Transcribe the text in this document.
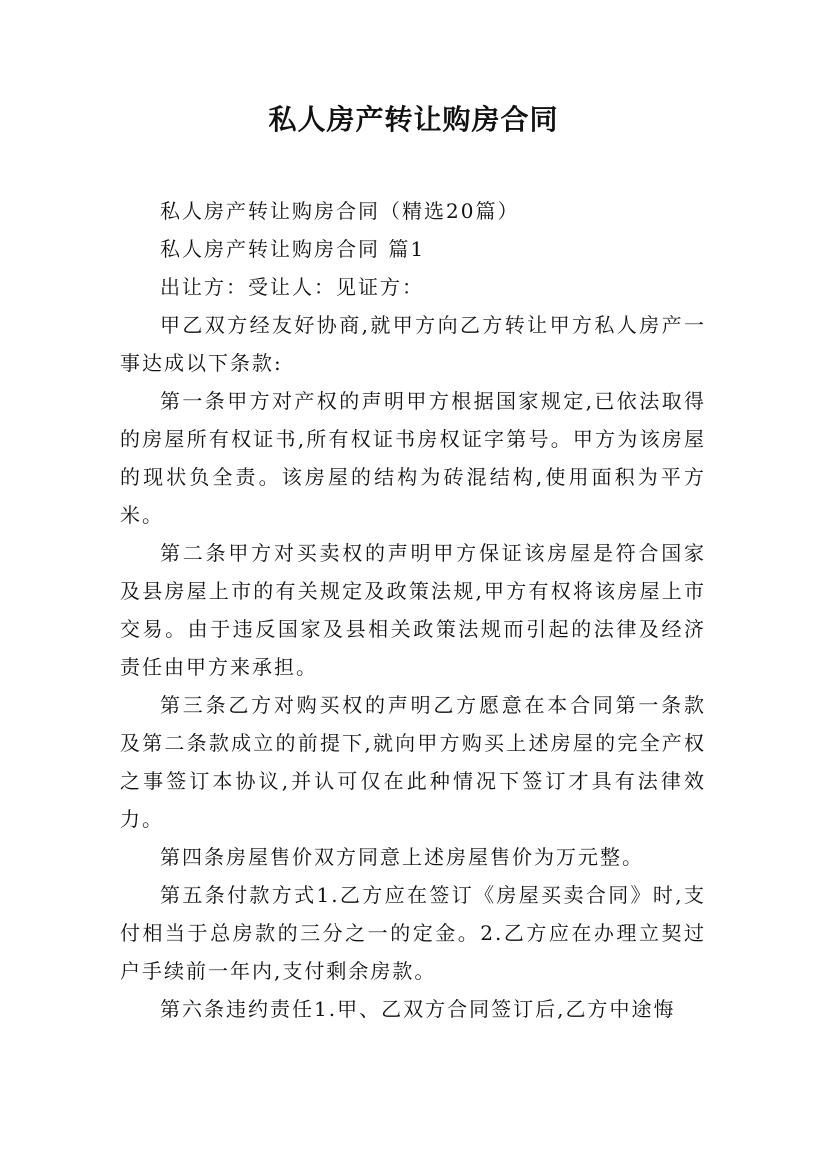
私人房产转让购房合同

私人房产转让购房合同（精选20篇）

私人房产转让购房合同 篇1

出让方：受让人：见证方：

甲乙双方经友好协商,就甲方向乙方转让甲方私人房产一事达成以下条款:

第一条甲方对产权的声明甲方根据国家规定,已依法取得的房屋所有权证书,所有权证书房权证字第号。甲方为该房屋的现状负全责。该房屋的结构为砖混结构,使用面积为平方米。

第二条甲方对买卖权的声明甲方保证该房屋是符合国家及县房屋上市的有关规定及政策法规,甲方有权将该房屋上市交易。由于违反国家及县相关政策法规而引起的法律及经济责任由甲方来承担。

第三条乙方对购买权的声明乙方愿意在本合同第一条款及第二条款成立的前提下,就向甲方购买上述房屋的完全产权之事签订本协议,并认可仅在此种情况下签订才具有法律效力。

第四条房屋售价双方同意上述房屋售价为万元整。

第五条付款方式1.乙方应在签订《房屋买卖合同》时,支付相当于总房款的三分之一的定金。2.乙方应在办理立契过户手续前一年内,支付剩余房款。

第六条违约责任1.甲、乙双方合同签订后,乙方中途悔
